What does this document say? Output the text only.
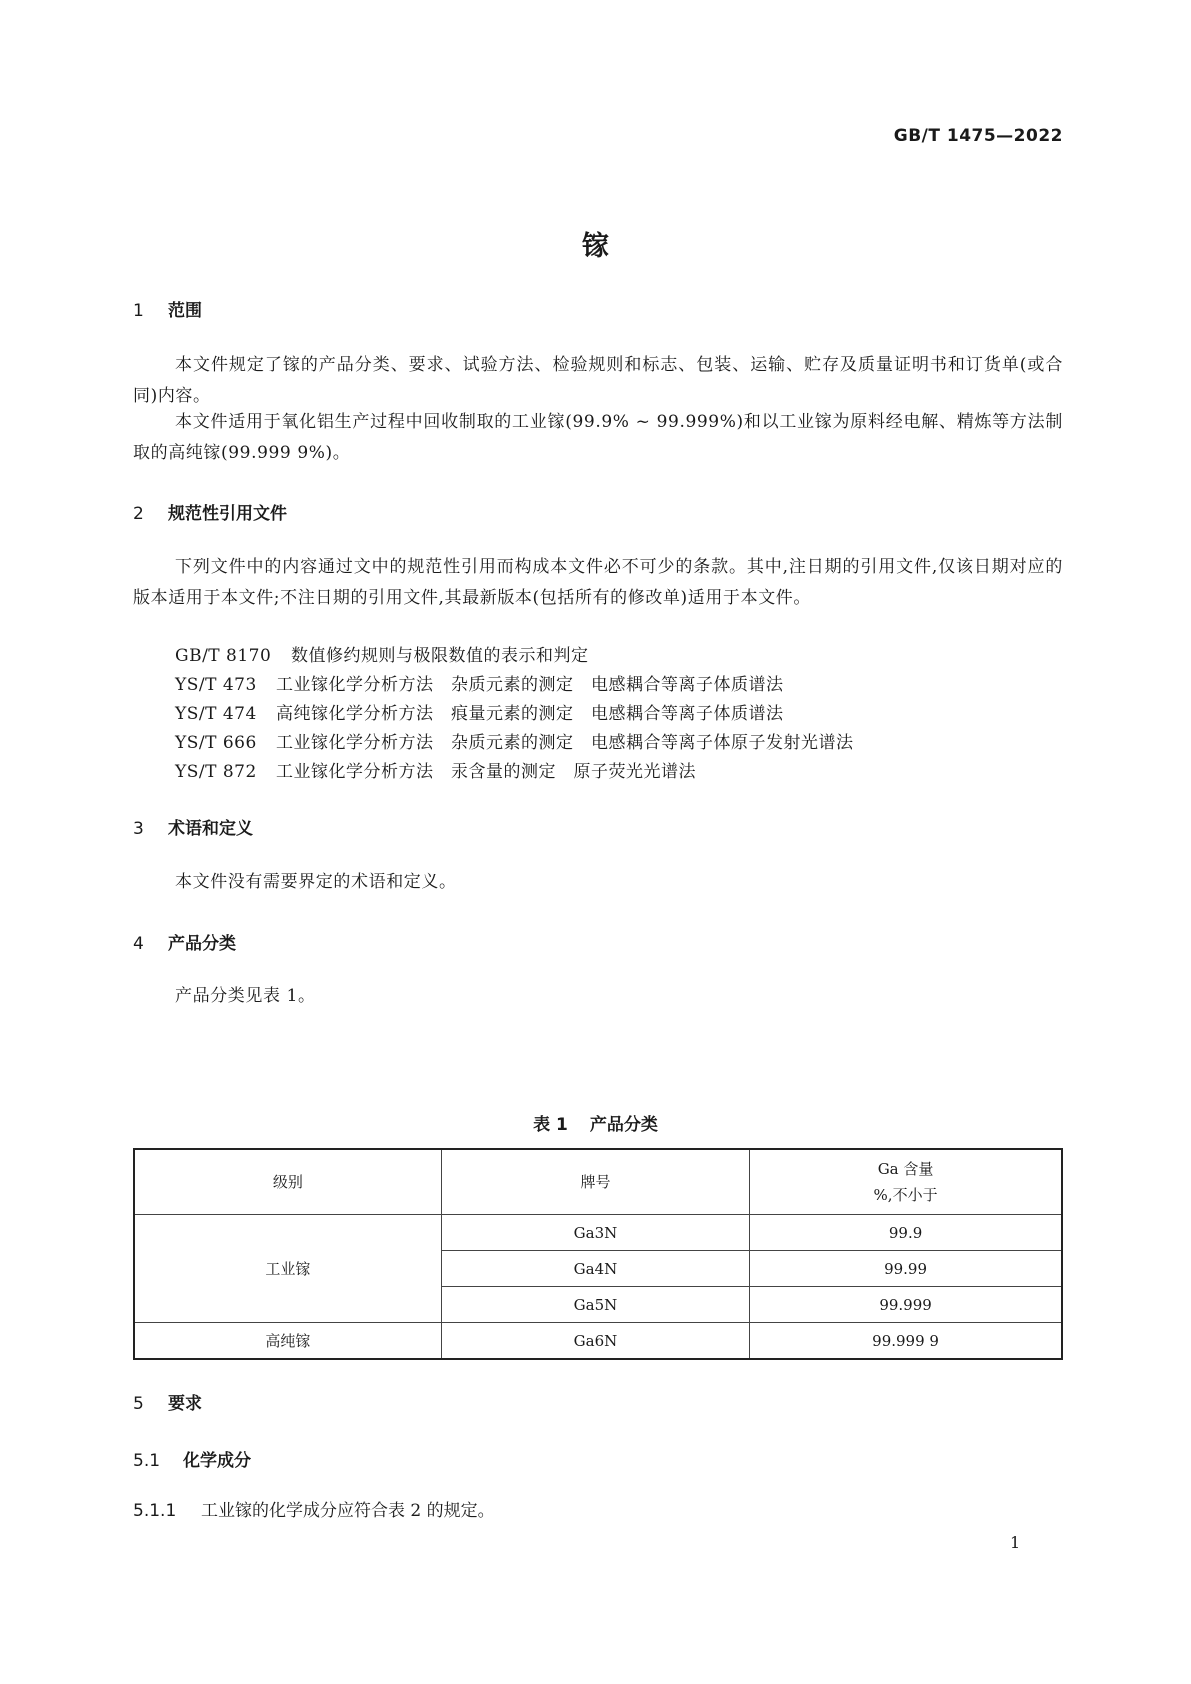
GB/T 1475—2022
镓
1 范围
本文件规定了镓的产品分类、要求、试验方法、检验规则和标志、包装、运输、贮存及质量证明书和订货单(或合同)内容。
本文件适用于氧化铝生产过程中回收制取的工业镓(99.9% ~ 99.999%)和以工业镓为原料经电解、精炼等方法制取的高纯镓(99.999 9%)。
2 规范性引用文件
下列文件中的内容通过文中的规范性引用而构成本文件必不可少的条款。其中,注日期的引用文件,仅该日期对应的版本适用于本文件;不注日期的引用文件,其最新版本(包括所有的修改单)适用于本文件。
GB/T 8170 数值修约规则与极限数值的表示和判定
YS/T 473 工业镓化学分析方法　杂质元素的测定　电感耦合等离子体质谱法
YS/T 474 高纯镓化学分析方法　痕量元素的测定　电感耦合等离子体质谱法
YS/T 666 工业镓化学分析方法　杂质元素的测定　电感耦合等离子体原子发射光谱法
YS/T 872 工业镓化学分析方法　汞含量的测定　原子荧光光谱法
3 术语和定义
本文件没有需要界定的术语和定义。
4 产品分类
产品分类见表 1。
表 1 产品分类
级别	牌号	Ga 含量
%,不小于

工业镓	Ga3N	99.9
	Ga4N	99.99
	Ga5N	99.999
高纯镓	Ga6N	99.999 9
5 要求
5.1 化学成分
5.1.1 工业镓的化学成分应符合表 2 的规定。
1
